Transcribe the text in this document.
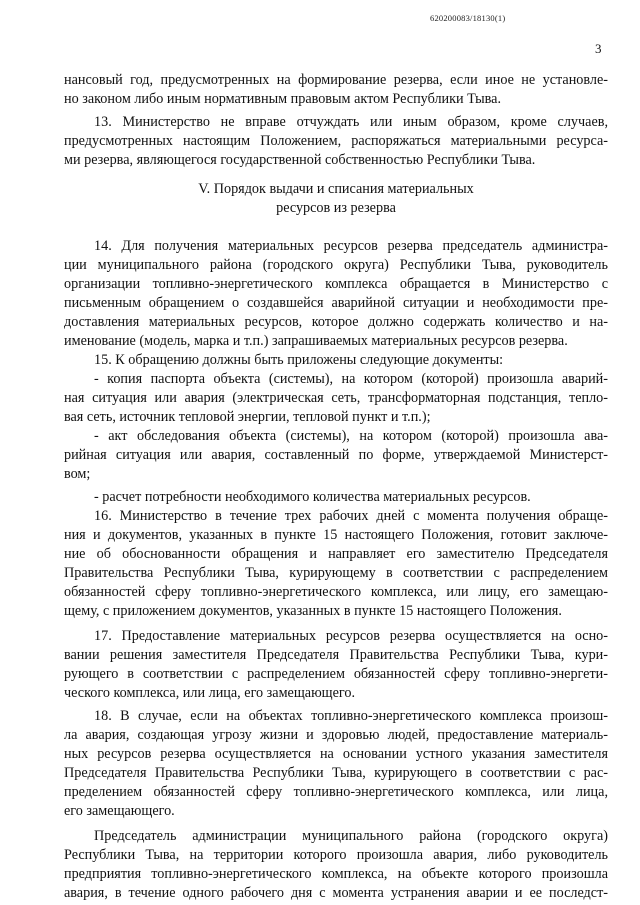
620200083/18130(1)
3
нансовый год, предусмотренных на формирование резерва, если иное не установле-
но законом либо иным нормативным правовым актом Республики Тыва.
13. Министерство не вправе отчуждать или иным образом, кроме случаев,
предусмотренных настоящим Положением, распоряжаться материальными ресурса-
ми резерва, являющегося государственной собственностью Республики Тыва.
V. Порядок выдачи и списания материальных
ресурсов из резерва
14. Для получения материальных ресурсов резерва председатель администра-
ции муниципального района (городского округа) Республики Тыва, руководитель
организации топливно-энергетического комплекса обращается в Министерство с
письменным обращением о создавшейся аварийной ситуации и необходимости пре-
доставления материальных ресурсов, которое должно содержать количество и на-
именование (модель, марка и т.п.) запрашиваемых материальных ресурсов резерва.
15. К обращению должны быть приложены следующие документы:
- копия паспорта объекта (системы), на котором (которой) произошла аварий-
ная ситуация или авария (электрическая сеть, трансформаторная подстанция, тепло-
вая сеть, источник тепловой энергии, тепловой пункт и т.п.);
- акт обследования объекта (системы), на котором (которой) произошла ава-
рийная ситуация или авария, составленный по форме, утверждаемой Министерст-
вом;
- расчет потребности необходимого количества материальных ресурсов.
16. Министерство в течение трех рабочих дней с момента получения обраще-
ния и документов, указанных в пункте 15 настоящего Положения, готовит заключе-
ние об обоснованности обращения и направляет его заместителю Председателя
Правительства Республики Тыва, курирующему в соответствии с распределением
обязанностей сферу топливно-энергетического комплекса, или лицу, его замещаю-
щему, с приложением документов, указанных в пункте 15 настоящего Положения.
17. Предоставление материальных ресурсов резерва осуществляется на осно-
вании решения заместителя Председателя Правительства Республики Тыва, кури-
рующего в соответствии с распределением обязанностей сферу топливно-энергети-
ческого комплекса, или лица, его замещающего.
18. В случае, если на объектах топливно-энергетического комплекса произош-
ла авария, создающая угрозу жизни и здоровью людей, предоставление материаль-
ных ресурсов резерва осуществляется на основании устного указания заместителя
Председателя Правительства Республики Тыва, курирующего в соответствии с рас-
пределением обязанностей сферу топливно-энергетического комплекса, или лица,
его замещающего.
Председатель администрации муниципального района (городского округа)
Республики Тыва, на территории которого произошла авария, либо руководитель
предприятия топливно-энергетического комплекса, на объекте которого произошла
авария, в течение одного рабочего дня с момента устранения аварии и ее последст-
